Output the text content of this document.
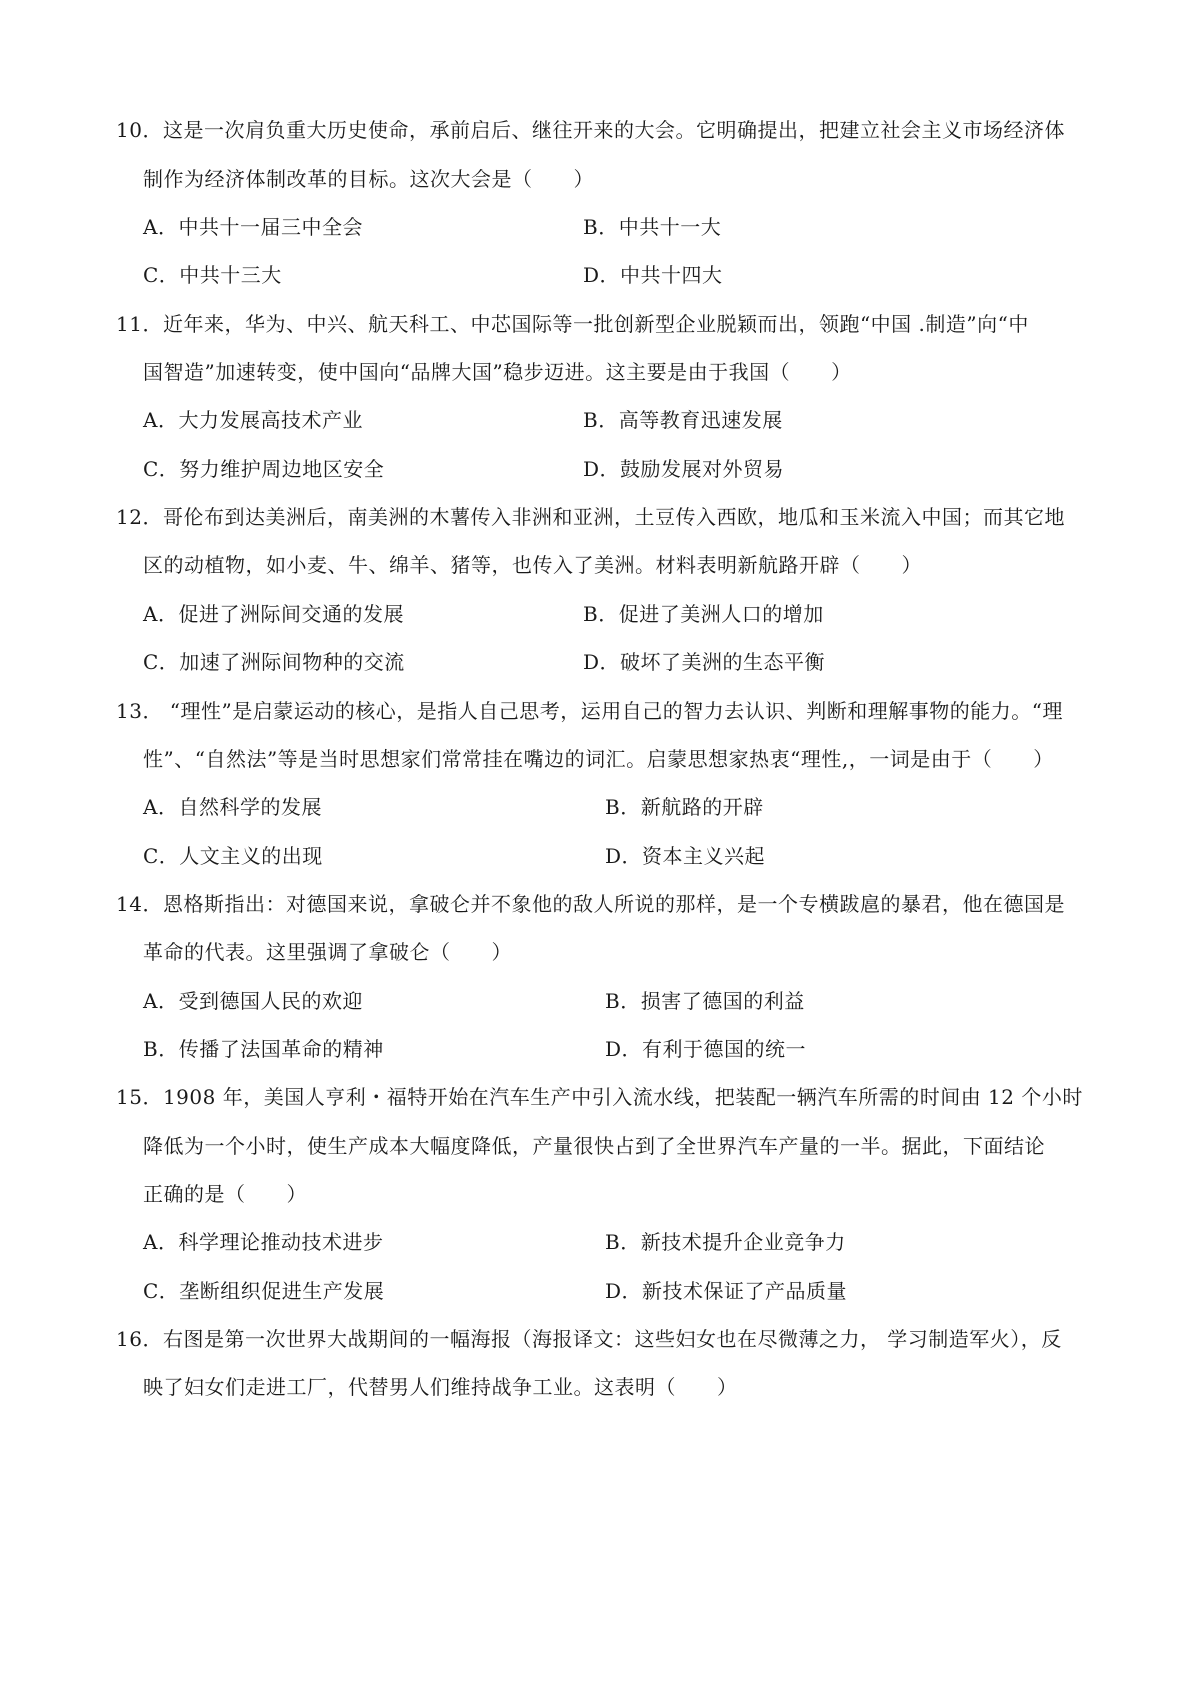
10．这是一次肩负重大历史使命，承前启后、继往开来的大会。它明确提出，把建立社会主义市场经济体
制作为经济体制改革的目标。这次大会是（　　）
A．中共十一届三中全会	B．中共十一大
C．中共十三大	D．中共十四大
11．近年来，华为、中兴、航天科工、中芯国际等一批创新型企业脱颖而出，领跑“中国 .制造”向“中
国智造”加速转变，使中国向“品牌大国”稳步迈进。这主要是由于我国（　　）
A．大力发展高技术产业	B．高等教育迅速发展
C．努力维护周边地区安全	D．鼓励发展对外贸易
12．哥伦布到达美洲后，南美洲的木薯传入非洲和亚洲，土豆传入西欧，地瓜和玉米流入中国；而其它地
区的动植物，如小麦、牛、绵羊、猪等，也传入了美洲。材料表明新航路开辟（　　）
A．促进了洲际间交通的发展	B．促进了美洲人口的增加
C．加速了洲际间物种的交流	D．破坏了美洲的生态平衡
13． “理性”是启蒙运动的核心，是指人自己思考，运用自己的智力去认识、判断和理解事物的能力。“理
性”、“自然法”等是当时思想家们常常挂在嘴边的词汇。启蒙思想家热衷“理性,，一词是由于（　　）
A．自然科学的发展	B．新航路的开辟
C．人文主义的出现	D．资本主义兴起
14．恩格斯指出：对德国来说，拿破仑并不象他的敌人所说的那样，是一个专横跋扈的暴君，他在德国是
革命的代表。这里强调了拿破仑（　　）
A．受到德国人民的欢迎	B．损害了德国的利益
B．传播了法国革命的精神	D．有利于德国的统一
15．1908 年，美国人亨利・福特开始在汽车生产中引入流水线，把装配一辆汽车所需的时间由 12 个小时
降低为一个小时，使生产成本大幅度降低，产量很快占到了全世界汽车产量的一半。据此，下面结论
正确的是（　　）
A．科学理论推动技术进步	B．新技术提升企业竞争力
C．垄断组织促进生产发展	D．新技术保证了产品质量
16．右图是第一次世界大战期间的一幅海报（海报译文：这些妇女也在尽微薄之力， 学习制造军火），反
映了妇女们走进工厂，代替男人们维持战争工业。这表明（　　）
